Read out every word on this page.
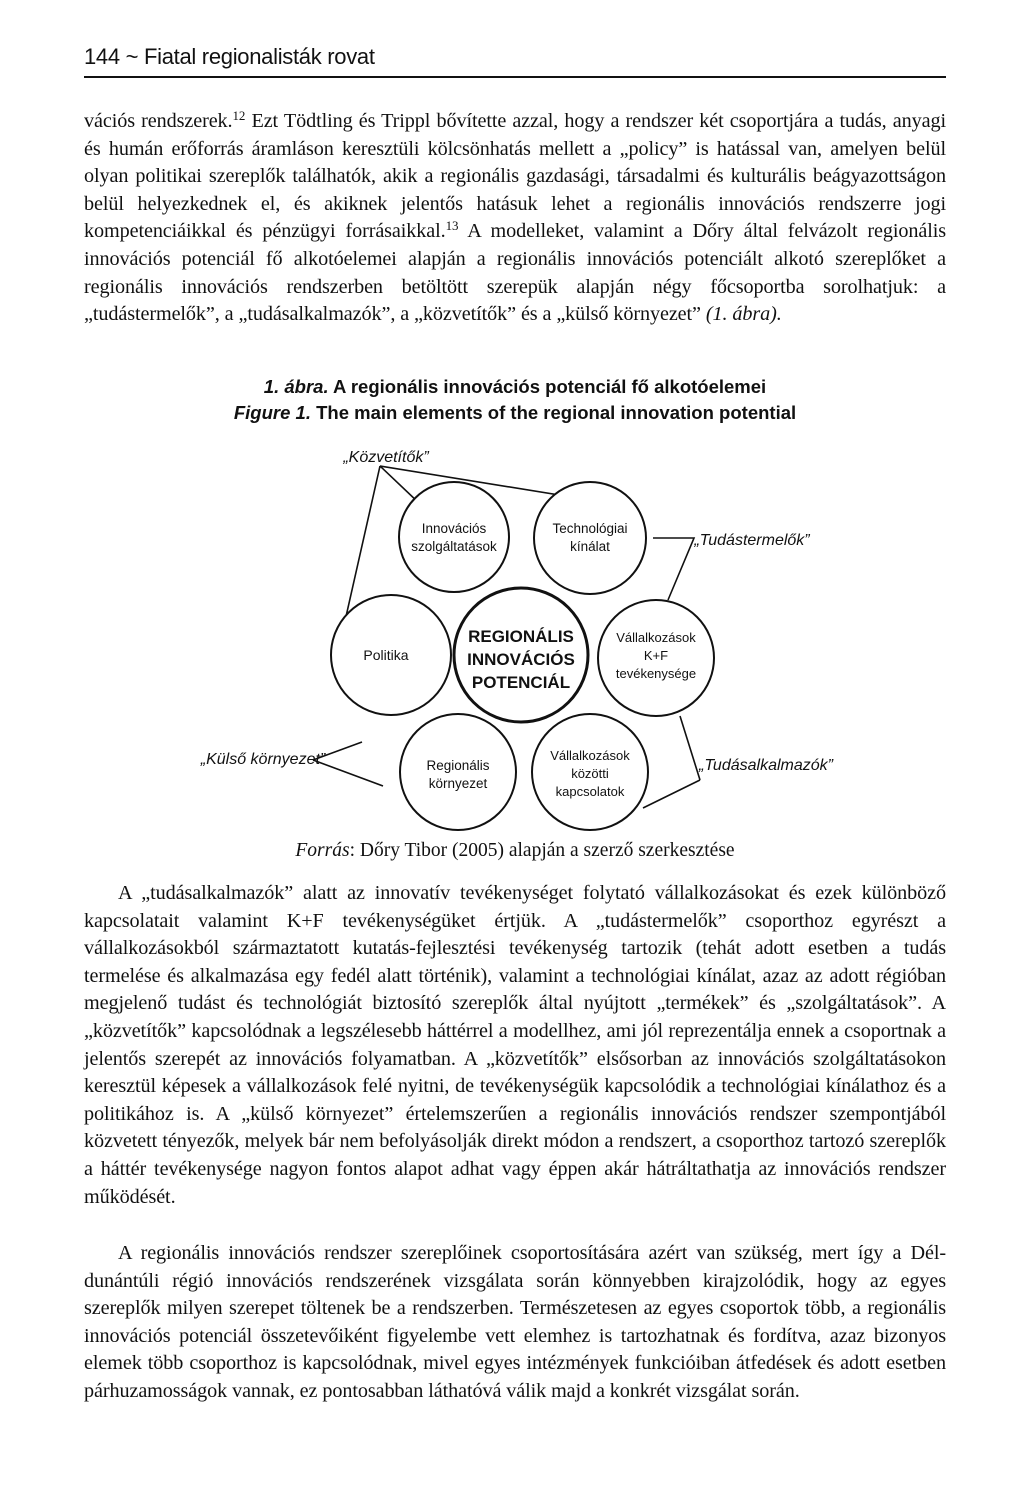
144 ~ Fiatal regionalisták rovat

vációs rendszerek.$^{12}$ Ezt Tödtling és Trippl bővítette azzal, hogy a rendszer két csoportjára a tudás, anyagi és humán erőforrás áramláson keresztüli kölcsönhatás mellett a „policy” is hatással van, amelyen belül olyan politikai szereplők találhatók, akik a regionális gazdasági, társadalmi és kulturális beágyazottságon belül helyezkednek el, és akiknek jelentős hatásuk lehet a regionális innovációs rendszerre jogi kompetenciáikkal és pénzügyi forrásaikkal.$^{13}$ A modelleket, valamint a Dőry által felvázolt regionális innovációs potenciál fő alkotóelemei alapján a regionális innovációs potenciált alkotó szereplőket a regionális innovációs rendszerben betöltött szerepük alapján négy főcsoportba sorolhatjuk: a „tudástermelők”, a „tudásalkalmazók”, a „közvetítők” és a „külső környezet” (1. ábra).

1. ábra. A regionális innovációs potenciál fő alkotóelemei
Figure 1. The main elements of the regional innovation potential
„Közvetítők”
„Tudástermelők”
„Külső környezet”	„Tudásalkalmazók”
REGIONÁLIS
INNOVÁCIÓS
POTENCIÁL
Innovációs
szolgáltatások
Technológiai
kínálat
Politika
Vállalkozások
K+F
tevékenysége
Regionális
környezet
Vállalkozások
közötti
kapcsolatok
Forrás: Dőry Tibor (2005) alapján a szerző szerkesztése

A „tudásalkalmazók” alatt az innovatív tevékenységet folytató vállalkozásokat és ezek különböző kapcsolatait valamint K+F tevékenységüket értjük. A „tudástermelők” csoporthoz egyrészt a vállalkozásokból származtatott kutatás-fejlesztési tevékenység tartozik (tehát adott esetben a tudás termelése és alkalmazása egy fedél alatt történik), valamint a technológiai kínálat, azaz az adott régióban megjelenő tudást és technológiát biztosító szereplők által nyújtott „termékek” és „szolgáltatások”. A „közvetítők” kapcsolódnak a legszélesebb háttérrel a modellhez, ami jól reprezentálja ennek a csoportnak a jelentős szerepét az innovációs folyamatban. A „közvetítők” elsősorban az innovációs szolgáltatásokon keresztül képesek a vállalkozások felé nyitni, de tevékenységük kapcsolódik a technológiai kínálathoz és a politikához is. A „külső környezet” értelemszerűen a regionális innovációs rendszer szempontjából közvetett tényezők, melyek bár nem befolyásolják direkt módon a rendszert, a csoporthoz tartozó szereplők a háttér tevékenysége nagyon fontos alapot adhat vagy éppen akár hátráltathatja az innovációs rendszer működését.

A regionális innovációs rendszer szereplőinek csoportosítására azért van szükség, mert így a Dél-dunántúli régió innovációs rendszerének vizsgálata során könnyebben kirajzolódik, hogy az egyes szereplők milyen szerepet töltenek be a rendszerben. Természetesen az egyes csoportok több, a regionális innovációs potenciál összetevőiként figyelembe vett elemhez is tartozhatnak és fordítva, azaz bizonyos elemek több csoporthoz is kapcsolódnak, mivel egyes intézmények funkcióiban átfedések és adott esetben párhuzamosságok vannak, ez pontosabban láthatóvá válik majd a konkrét vizsgálat során.
